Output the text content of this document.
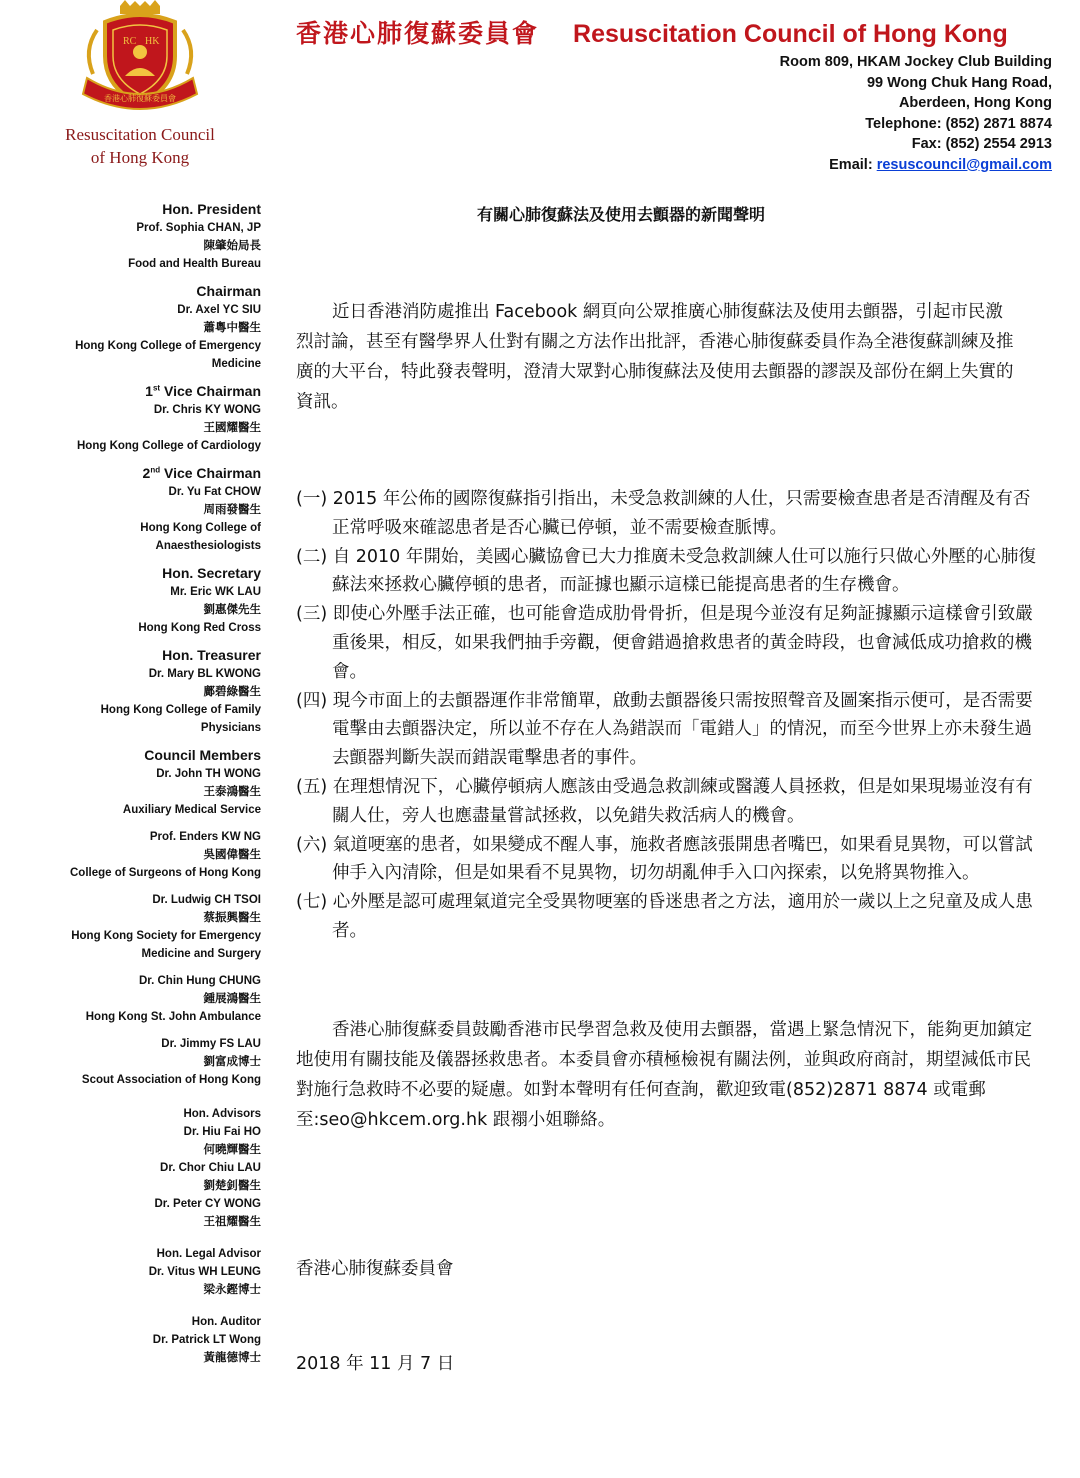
RC HK
香港心肺復蘇委員會
Resuscitation Council
of Hong Kong
香港心肺復蘇委員會 Resuscitation Council of Hong Kong
Room 809, HKAM Jockey Club Building
99 Wong Chuk Hang Road,
Aberdeen, Hong Kong
Telephone: (852) 2871 8874
Fax: (852) 2554 2913
Email: resuscouncil@gmail.com
Hon. President
Prof. Sophia CHAN, JP
陳肇始局長
Food and Health Bureau
Chairman
Dr. Axel YC SIU
蕭粵中醫生
Hong Kong College of Emergency
Medicine
1st Vice Chairman
Dr. Chris KY WONG
王國耀醫生
Hong Kong College of Cardiology
2nd Vice Chairman
Dr. Yu Fat CHOW
周雨發醫生
Hong Kong College of
Anaesthesiologists
Hon. Secretary
Mr. Eric WK LAU
劉惠傑先生
Hong Kong Red Cross
Hon. Treasurer
Dr. Mary BL KWONG
鄺碧綠醫生
Hong Kong College of Family
Physicians
Council Members
Dr. John TH WONG
王泰鴻醫生
Auxiliary Medical Service
Prof. Enders KW NG
吳國偉醫生
College of Surgeons of Hong Kong
Dr. Ludwig CH TSOI
蔡振興醫生
Hong Kong Society for Emergency
Medicine and Surgery
Dr. Chin Hung CHUNG
鍾展鴻醫生
Hong Kong St. John Ambulance
Dr. Jimmy FS LAU
劉富成博士
Scout Association of Hong Kong
Hon. Advisors
Dr. Hiu Fai HO
何曉輝醫生
Dr. Chor Chiu LAU
劉楚釗醫生
Dr. Peter CY WONG
王祖耀醫生
Hon. Legal Advisor
Dr. Vitus WH LEUNG
梁永鏗博士
Hon. Auditor
Dr. Patrick LT Wong
黃龍德博士
有關心肺復蘇法及使用去顫器的新聞聲明

近日香港消防處推出 Facebook 網頁向公眾推廣心肺復蘇法及使用去顫器，引起市民激烈討論，甚至有醫學界人仕對有關之方法作出批評，香港心肺復蘇委員作為全港復蘇訓練及推廣的大平台，特此發表聲明，澄清大眾對心肺復蘇法及使用去顫器的謬誤及部份在網上失實的資訊。

(一) 2015 年公佈的國際復蘇指引指出，未受急救訓練的人仕，只需要檢查患者是否清醒及有否正常呼吸來確認患者是否心臟已停頓，並不需要檢查脈博。
(二) 自 2010 年開始，美國心臟協會已大力推廣未受急救訓練人仕可以施行只做心外壓的心肺復蘇法來拯救心臟停頓的患者，而証據也顯示這樣已能提高患者的生存機會。
(三) 即使心外壓手法正確，也可能會造成肋骨骨折，但是現今並沒有足夠証據顯示這樣會引致嚴重後果，相反，如果我們抽手旁觀，便會錯過搶救患者的黃金時段，也會減低成功搶救的機會。
(四) 現今市面上的去顫器運作非常簡單，啟動去顫器後只需按照聲音及圖案指示便可，是否需要電擊由去顫器決定，所以並不存在人為錯誤而「電錯人」的情況，而至今世界上亦未發生過去顫器判斷失誤而錯誤電擊患者的事件。
(五) 在理想情況下，心臟停頓病人應該由受過急救訓練或醫護人員拯救，但是如果現場並沒有有關人仕，旁人也應盡量嘗試拯救，以免錯失救活病人的機會。
(六) 氣道哽塞的患者，如果變成不醒人事，施救者應該張開患者嘴巴，如果看見異物，可以嘗試伸手入內清除，但是如果看不見異物，切勿胡亂伸手入口內探索，以免將異物推入。
(七) 心外壓是認可處理氣道完全受異物哽塞的昏迷患者之方法，適用於一歲以上之兒童及成人患者。

香港心肺復蘇委員鼓勵香港市民學習急救及使用去顫器，當遇上緊急情況下，能夠更加鎮定地使用有關技能及儀器拯救患者。本委員會亦積極檢視有關法例，並與政府商討，期望減低市民對施行急救時不必要的疑慮。如對本聲明有任何查詢，歡迎致電(852)2871 8874 或電郵至:seo@hkcem.org.hk 跟禤小姐聯絡。

香港心肺復蘇委員會
2018 年 11 月 7 日
